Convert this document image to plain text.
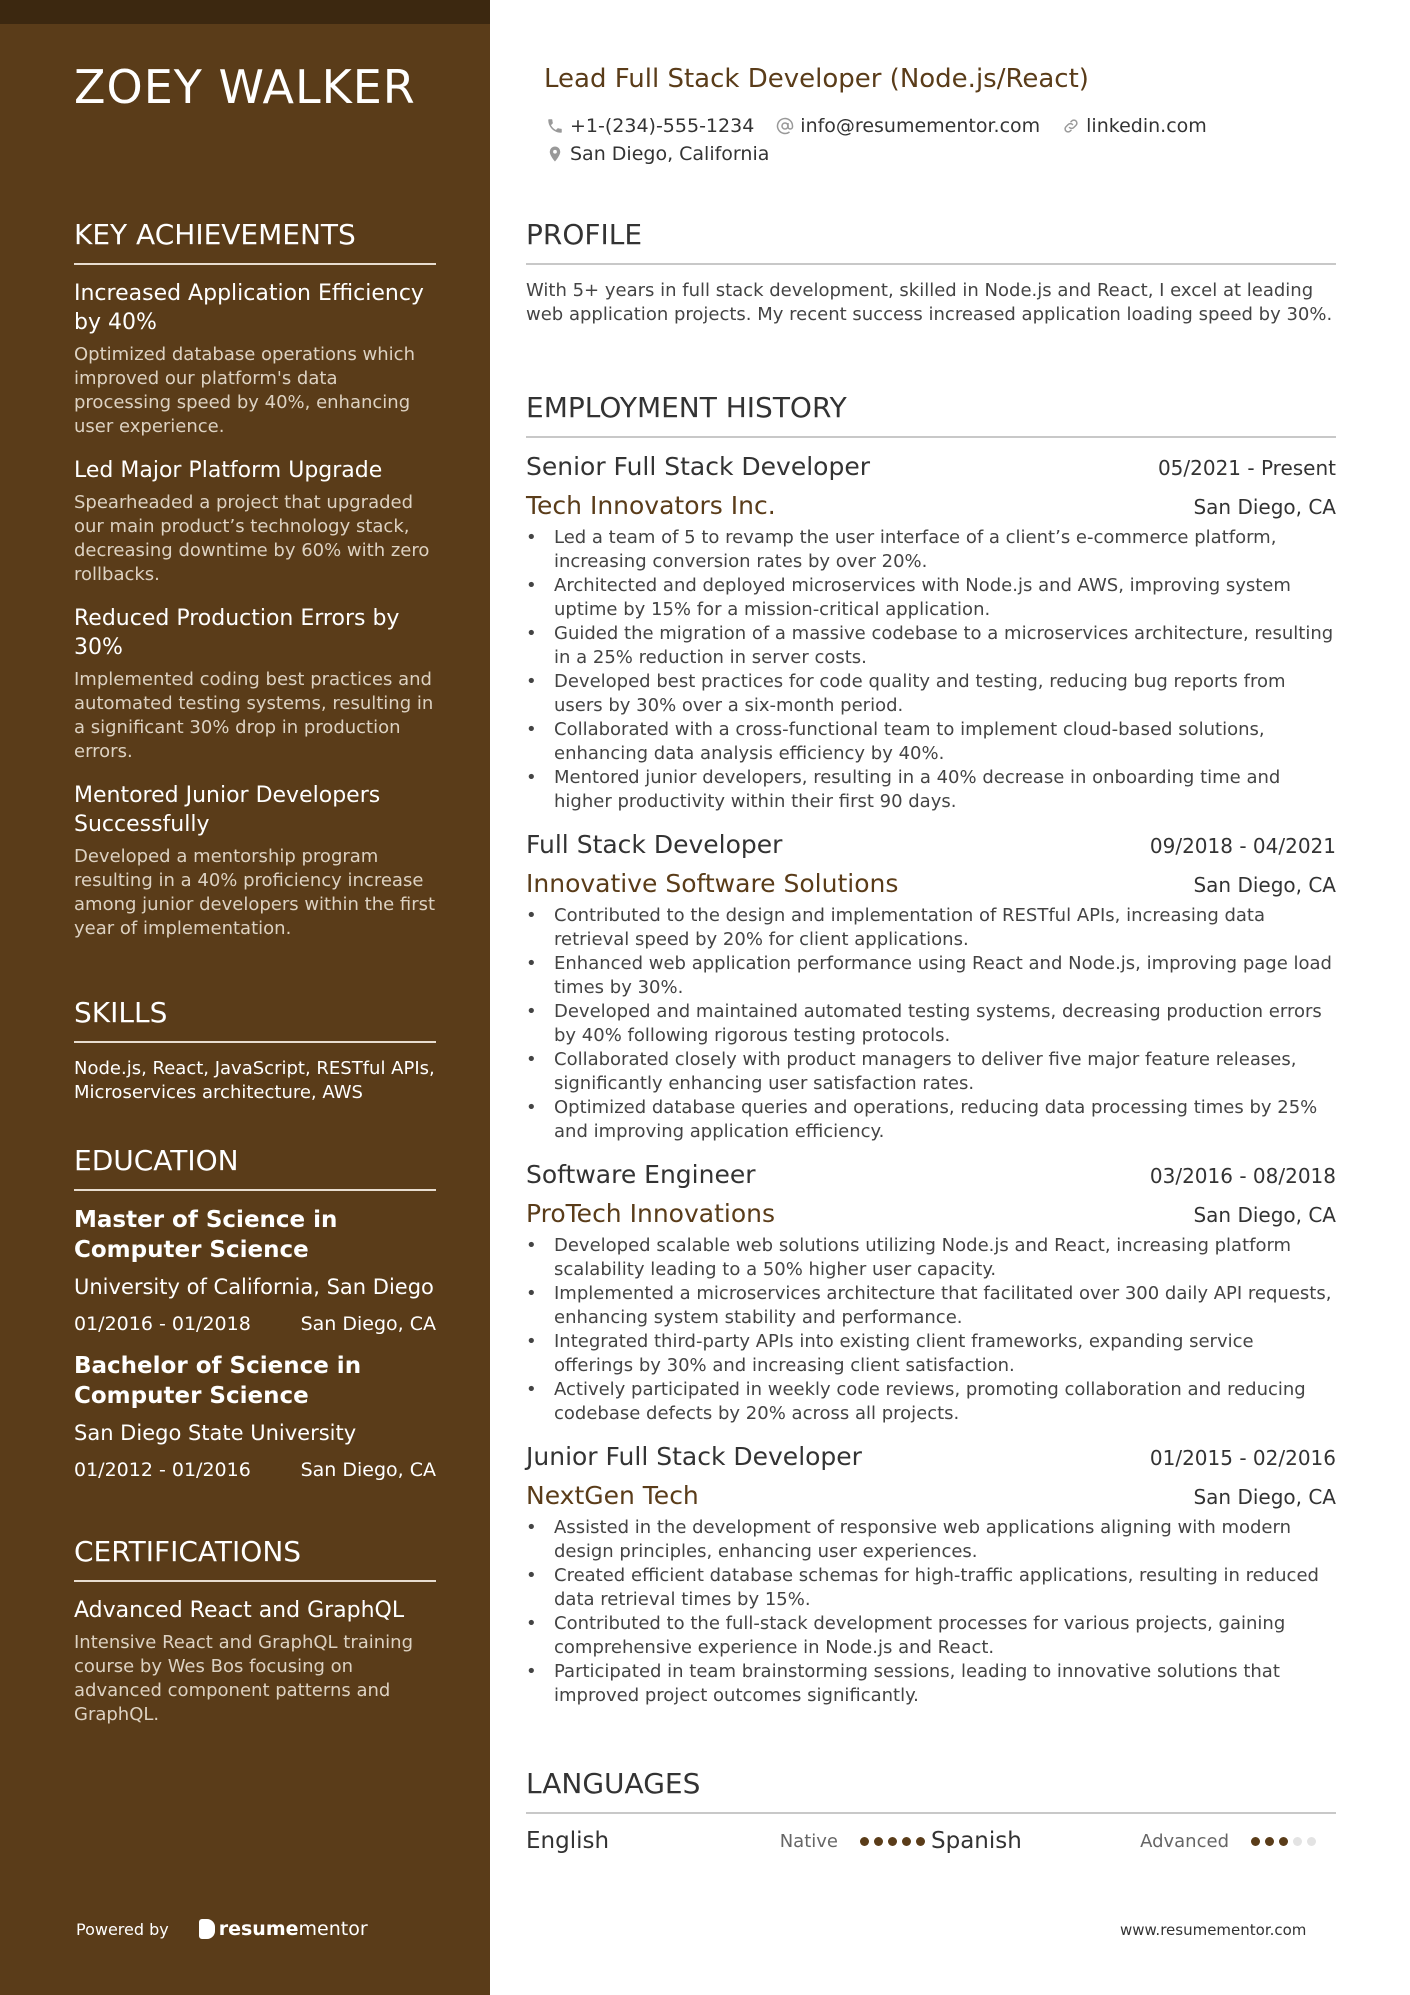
ZOEY WALKER
KEY ACHIEVEMENTS
Increased Application Efficiency by 40%
Optimized database operations which improved our platform's data processing speed by 40%, enhancing user experience.
Led Major Platform Upgrade
Spearheaded a project that upgraded our main product’s technology stack, decreasing downtime by 60% with zero rollbacks.
Reduced Production Errors by 30%
Implemented coding best practices and automated testing systems, resulting in a significant 30% drop in production errors.
Mentored Junior Developers Successfully
Developed a mentorship program resulting in a 40% proficiency increase among junior developers within the first year of implementation.
SKILLS
Node.js, React, JavaScript, RESTful APIs, Microservices architecture, AWS
EDUCATION
Master of Science in Computer Science
University of California, San Diego
01/2016 - 01/2018	San Diego, CA
Bachelor of Science in Computer Science
San Diego State University
01/2012 - 01/2016	San Diego, CA
CERTIFICATIONS
Advanced React and GraphQL
Intensive React and GraphQL training course by Wes Bos focusing on advanced component patterns and GraphQL.
Powered by	resume mentor
Lead Full Stack Developer (Node.js/React)
+1-(234)-555-1234 info@resumementor.com linkedin.com
San Diego, California
PROFILE
With 5+ years in full stack development, skilled in Node.js and React, I excel at leading web application projects. My recent success increased application loading speed by 30%.
EMPLOYMENT HISTORY
Senior Full Stack Developer	05/2021 - Present
Tech Innovators Inc.	San Diego, CA
• Led a team of 5 to revamp the user interface of a client’s e-commerce platform, increasing conversion rates by over 20%.
• Architected and deployed microservices with Node.js and AWS, improving system uptime by 15% for a mission-critical application.
• Guided the migration of a massive codebase to a microservices architecture, resulting in a 25% reduction in server costs.
• Developed best practices for code quality and testing, reducing bug reports from users by 30% over a six-month period.
• Collaborated with a cross-functional team to implement cloud-based solutions, enhancing data analysis efficiency by 40%.
• Mentored junior developers, resulting in a 40% decrease in onboarding time and higher productivity within their first 90 days.
Full Stack Developer	09/2018 - 04/2021
Innovative Software Solutions	San Diego, CA
• Contributed to the design and implementation of RESTful APIs, increasing data retrieval speed by 20% for client applications.
• Enhanced web application performance using React and Node.js, improving page load times by 30%.
• Developed and maintained automated testing systems, decreasing production errors by 40% following rigorous testing protocols.
• Collaborated closely with product managers to deliver five major feature releases, significantly enhancing user satisfaction rates.
• Optimized database queries and operations, reducing data processing times by 25% and improving application efficiency.
Software Engineer	03/2016 - 08/2018
ProTech Innovations	San Diego, CA
• Developed scalable web solutions utilizing Node.js and React, increasing platform scalability leading to a 50% higher user capacity.
• Implemented a microservices architecture that facilitated over 300 daily API requests, enhancing system stability and performance.
• Integrated third-party APIs into existing client frameworks, expanding service offerings by 30% and increasing client satisfaction.
• Actively participated in weekly code reviews, promoting collaboration and reducing codebase defects by 20% across all projects.
Junior Full Stack Developer	01/2015 - 02/2016
NextGen Tech	San Diego, CA
• Assisted in the development of responsive web applications aligning with modern design principles, enhancing user experiences.
• Created efficient database schemas for high-traffic applications, resulting in reduced data retrieval times by 15%.
• Contributed to the full-stack development processes for various projects, gaining comprehensive experience in Node.js and React.
• Participated in team brainstorming sessions, leading to innovative solutions that improved project outcomes significantly.
LANGUAGES
English	Native	Spanish	Advanced
www.resumementor.com
